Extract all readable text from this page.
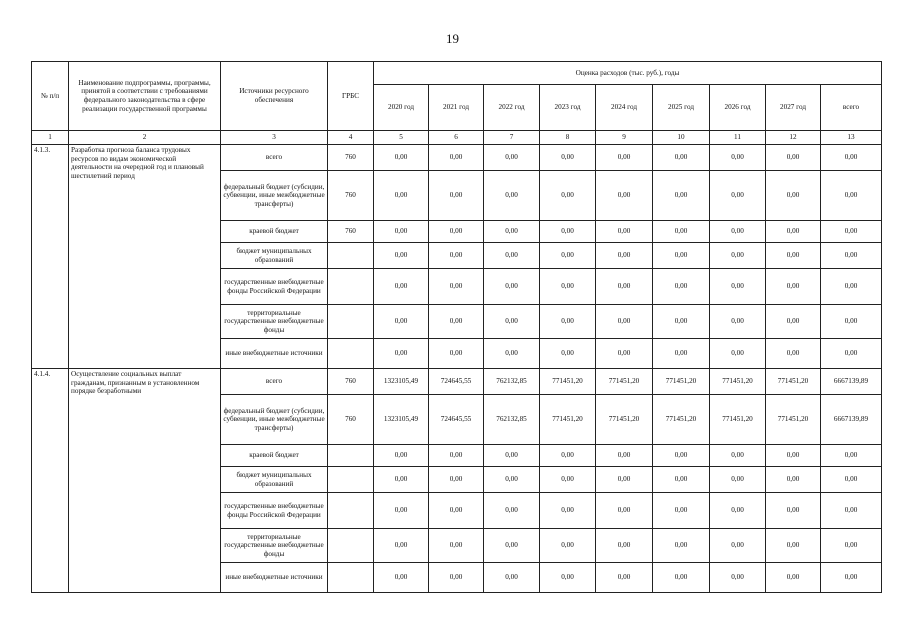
19
№ п/п	Наименование подпрограммы, программы, принятой в соответствии с требованиями федерального законодательства в сфере реализации государственной программы	Источники ресурсного обеспечения	ГРБС	Оценка расходов (тыс. руб.), годы								
				2020 год	2021 год	2022 год	2023 год	2024 год	2025 год	2026 год	2027 год	всего
1	2	3	4	5	6	7	8	9	10	11	12	13
4.1.3.	Разработка прогноза баланса трудовых ресурсов по видам экономической деятельности на очередной год и плановый шестилетний период	всего	760	0,00	0,00	0,00	0,00	0,00	0,00	0,00	0,00	0,00
		федеральный бюджет (субсидии, субвенции, иные межбюджетные трансферты)	760	0,00	0,00	0,00	0,00	0,00	0,00	0,00	0,00	0,00
		краевой бюджет	760	0,00	0,00	0,00	0,00	0,00	0,00	0,00	0,00	0,00
		бюджет муниципальных образований		0,00	0,00	0,00	0,00	0,00	0,00	0,00	0,00	0,00
		государственные внебюджетные фонды Российской Федерации		0,00	0,00	0,00	0,00	0,00	0,00	0,00	0,00	0,00
		территориальные государственные внебюджетные фонды		0,00	0,00	0,00	0,00	0,00	0,00	0,00	0,00	0,00
		иные внебюджетные источники		0,00	0,00	0,00	0,00	0,00	0,00	0,00	0,00	0,00
4.1.4.	Осуществление социальных выплат гражданам, признанным в установленном порядке безработными	всего	760	1323105,49	724645,55	762132,85	771451,20	771451,20	771451,20	771451,20	771451,20	6667139,89
		федеральный бюджет (субсидии, субвенции, иные межбюджетные трансферты)	760	1323105,49	724645,55	762132,85	771451,20	771451,20	771451,20	771451,20	771451,20	6667139,89
		краевой бюджет		0,00	0,00	0,00	0,00	0,00	0,00	0,00	0,00	0,00
		бюджет муниципальных образований		0,00	0,00	0,00	0,00	0,00	0,00	0,00	0,00	0,00
		государственные внебюджетные фонды Российской Федерации		0,00	0,00	0,00	0,00	0,00	0,00	0,00	0,00	0,00
		территориальные государственные внебюджетные фонды		0,00	0,00	0,00	0,00	0,00	0,00	0,00	0,00	0,00
		иные внебюджетные источники		0,00	0,00	0,00	0,00	0,00	0,00	0,00	0,00	0,00
